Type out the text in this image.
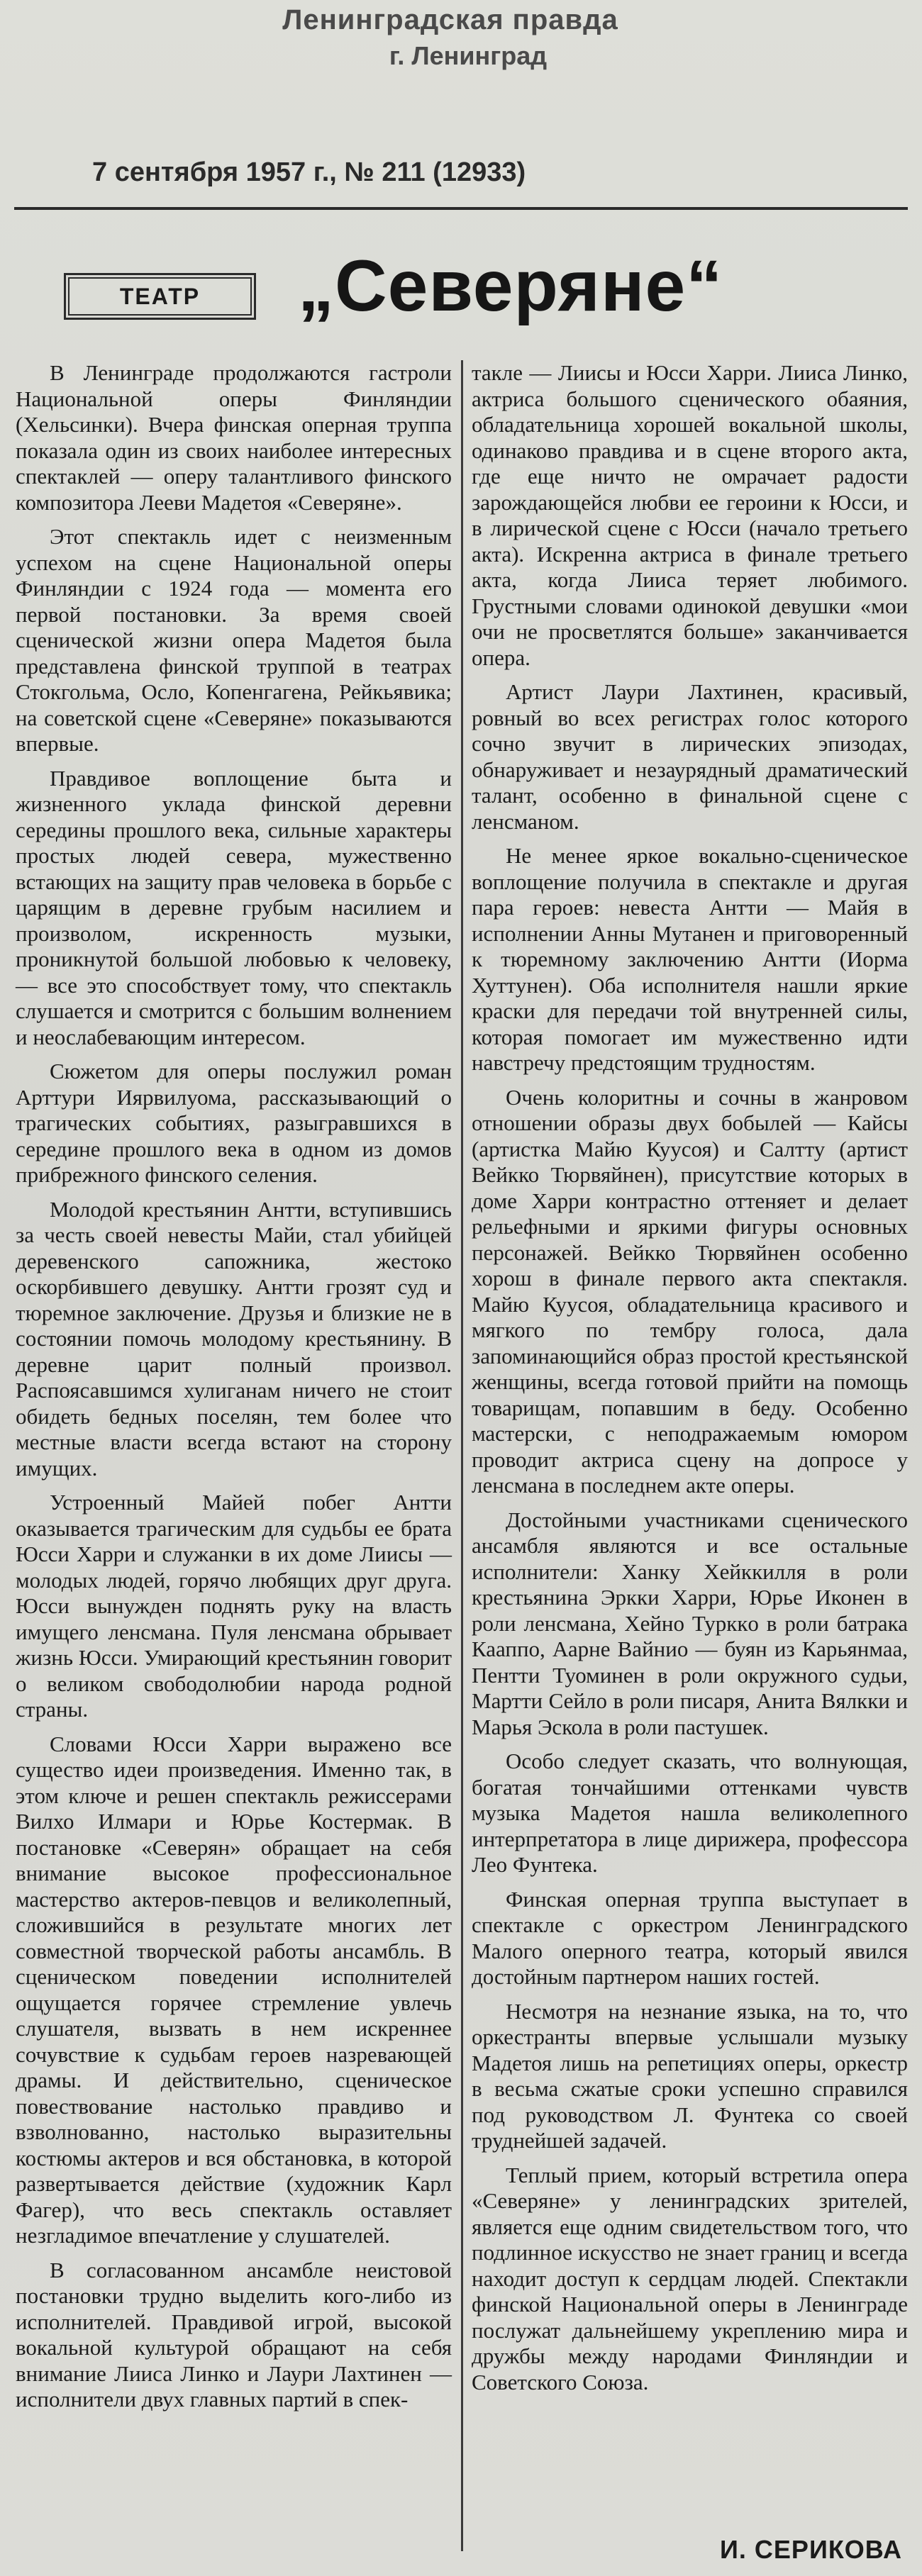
Ленинградская правда
г. Ленинград
7 сентября 1957 г., № 211 (12933)
ТЕАТР	„Северяне“

В Ленинграде продолжаются гастроли Национальной оперы Финляндии (Хельсинки). Вчера финская оперная труппа показала один из своих наиболее интересных спектаклей — оперу талантливого финского композитора Лееви Мадетоя «Северяне».

Этот спектакль идет с неизменным успехом на сцене Национальной оперы Финляндии с 1924 года — момента его первой постановки. За время своей сценической жизни опера Мадетоя была представлена финской труппой в театрах Стокгольма, Осло, Копенгагена, Рейкьявика; на советской сцене «Северяне» показываются впервые.

Правдивое воплощение быта и жизненного уклада финской деревни середины прошлого века, сильные характеры простых людей севера, мужественно встающих на защиту прав человека в борьбе с царящим в деревне грубым насилием и произволом, искренность музыки, проникнутой большой любовью к человеку, — все это способствует тому, что спектакль слушается и смотрится с большим волнением и неослабевающим интересом.

Сюжетом для оперы послужил роман Арттури Иярвилуома, рассказывающий о трагических событиях, разыгравшихся в середине прошлого века в одном из домов прибрежного финского селения.

Молодой крестьянин Антти, вступившись за честь своей невесты Майи, стал убийцей деревенского сапожника, жестоко оскорбившего девушку. Антти грозят суд и тюремное заключение. Друзья и близкие не в состоянии помочь молодому крестьянину. В деревне царит полный произвол. Распоясавшимся хулиганам ничего не стоит обидеть бедных поселян, тем более что местные власти всегда встают на сторону имущих.

Устроенный Майей побег Антти оказывается трагическим для судьбы ее брата Юсси Харри и служанки в их доме Лиисы — молодых людей, горячо любящих друг друга. Юсси вынужден поднять руку на власть имущего ленсмана. Пуля ленсмана обрывает жизнь Юсси. Умирающий крестьянин говорит о великом свободолюбии народа родной страны.

Словами Юсси Харри выражено все существо идеи произведения. Именно так, в этом ключе и решен спектакль режиссерами Вилхо Илмари и Юрье Костермак. В постановке «Северян» обращает на себя внимание высокое профессиональное мастерство актеров-певцов и великолепный, сложившийся в результате многих лет совместной творческой работы ансамбль. В сценическом поведении исполнителей ощущается горячее стремление увлечь слушателя, вызвать в нем искреннее сочувствие к судьбам героев назревающей драмы. И действительно, сценическое повествование настолько правдиво и взволнованно, настолько выразительны костюмы актеров и вся обстановка, в которой развертывается действие (художник Карл Фагер), что весь спектакль оставляет незгладимое впечатление у слушателей.

В согласованном ансамбле неистовой постановки трудно выделить кого-либо из исполнителей. Правдивой игрой, высокой вокальной культурой обращают на себя внимание Лииса Линко и Лаури Лахтинен — исполнители двух главных партий в спек-

такле — Лиисы и Юсси Харри. Лииса Линко, актриса большого сценического обаяния, обладательница хорошей вокальной школы, одинаково правдива и в сцене второго акта, где еще ничто не омрачает радости зарождающейся любви ее героини к Юсси, и в лирической сцене с Юсси (начало третьего акта). Искренна актриса в финале третьего акта, когда Лииса теряет любимого. Грустными словами одинокой девушки «мои очи не просветлятся больше» заканчивается опера.

Артист Лаури Лахтинен, красивый, ровный во всех регистрах голос которого сочно звучит в лирических эпизодах, обнаруживает и незаурядный драматический талант, особенно в финальной сцене с ленсманом.

Не менее яркое вокально-сценическое воплощение получила в спектакле и другая пара героев: невеста Антти — Майя в исполнении Анны Мутанен и приговоренный к тюремному заключению Антти (Иорма Хуттунен). Оба исполнителя нашли яркие краски для передачи той внутренней силы, которая помогает им мужественно идти навстречу предстоящим трудностям.

Очень колоритны и сочны в жанровом отношении образы двух бобылей — Кайсы (артистка Майю Куусоя) и Салтту (артист Вейкко Тюрвяйнен), присутствие которых в доме Харри контрастно оттеняет и делает рельефными и яркими фигуры основных персонажей. Вейкко Тюрвяйнен особенно хорош в финале первого акта спектакля. Майю Куусоя, обладательница красивого и мягкого по тембру голоса, дала запоминающийся образ простой крестьянской женщины, всегда готовой прийти на помощь товарищам, попавшим в беду. Особенно мастерски, с неподражаемым юмором проводит актриса сцену на допросе у ленсмана в последнем акте оперы.

Достойными участниками сценического ансамбля являются и все остальные исполнители: Ханку Хейккилля в роли крестьянина Эркки Харри, Юрье Иконен в роли ленсмана, Хейно Турккo в роли батрака Кааппо, Аарне Вайнио — буян из Карьянмаа, Пентти Туоминен в роли окружного судьи, Мартти Сейло в роли писаря, Анита Вялкки и Марья Эскола в роли пастушек.

Особо следует сказать, что волнующая, богатая тончайшими оттенками чувств музыка Мадетоя нашла великолепного интерпретатора в лице дирижера, профессора Лео Фунтека.

Финская оперная труппа выступает в спектакле с оркестром Ленинградского Малого оперного театра, который явился достойным партнером наших гостей.

Несмотря на незнание языка, на то, что оркестранты впервые услышали музыку Мадетоя лишь на репетициях оперы, оркестр в весьма сжатые сроки успешно справился под руководством Л. Фунтека со своей труднейшей задачей.

Теплый прием, который встретила опера «Северяне» у ленинградских зрителей, является еще одним свидетельством того, что подлинное искусство не знает границ и всегда находит доступ к сердцам людей. Спектакли финской Национальной оперы в Ленинграде послужат дальнейшему укреплению мира и дружбы между народами Финляндии и Советского Союза.

И. СЕРИКОВА
